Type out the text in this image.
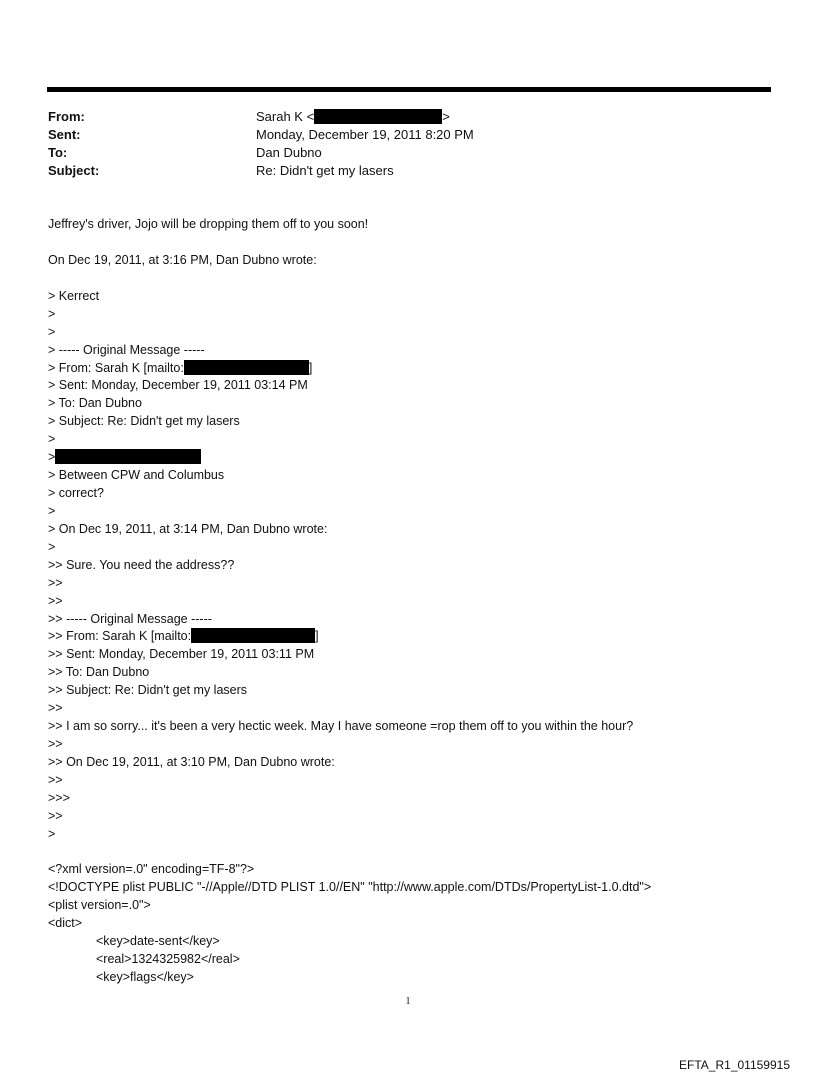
From:	Sarah K <	>
Sent:	Monday, December 19, 2011 8:20 PM
To:	Dan Dubno
Subject:	Re: Didn't get my lasers
Jeffrey's driver, Jojo will be dropping them off to you soon!
On Dec 19, 2011, at 3:16 PM, Dan Dubno wrote:
> Kerrect
>
>
> ----- Original Message -----
> From: Sarah K [mailto:	]
> Sent: Monday, December 19, 2011 03:14 PM
> To: Dan Dubno
> Subject: Re: Didn't get my lasers
>
>
> Between CPW and Columbus
> correct?
>
> On Dec 19, 2011, at 3:14 PM, Dan Dubno wrote:
>
>> Sure. You need the address??
>>
>>
>> ----- Original Message -----
>> From: Sarah K [mailto:	]
>> Sent: Monday, December 19, 2011 03:11 PM
>> To: Dan Dubno
>> Subject: Re: Didn't get my lasers
>>
>> I am so sorry... it's been a very hectic week. May I have someone =rop them off to you within the hour?
>>
>> On Dec 19, 2011, at 3:10 PM, Dan Dubno wrote:
>>
>>>
>>
>
<?xml version=.0" encoding=TF-8"?>
<!DOCTYPE plist PUBLIC "-//Apple//DTD PLIST 1.0//EN" "http://www.apple.com/DTDs/PropertyList-1.0.dtd">
<plist version=.0">
<dict>
<key>date-sent</key>
<real>1324325982</real>
<key>flags</key>
1
EFTA_R1_01159915
